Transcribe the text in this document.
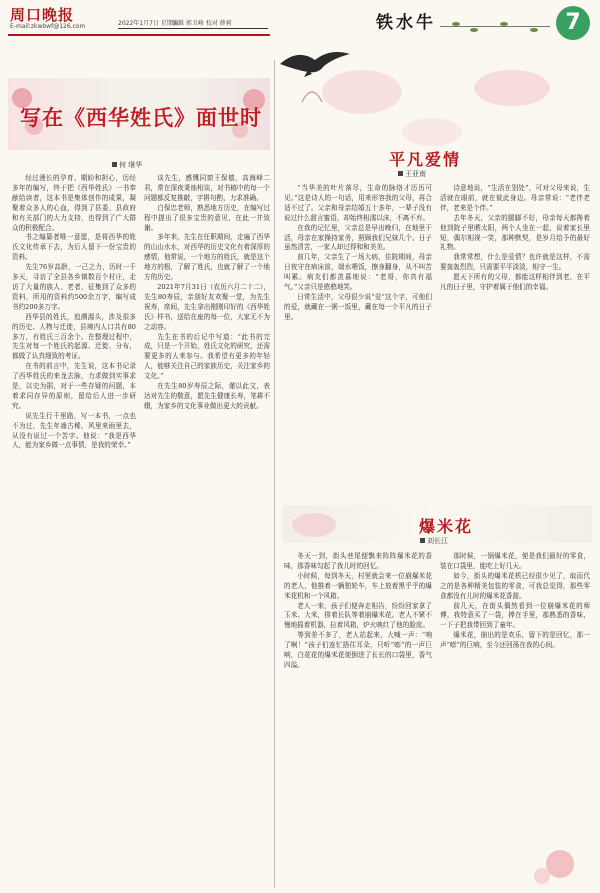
周口晚报
E-mail:zkwbwf@126.com	2022年1月7日 星期五
编辑 郭卫峰 校对 薛莉	铁水牛	7
写在《西华姓氏》面世时
何 继华

经过漫长的孕育、期盼和担心，历经多年的编写，终于把《西华姓氏》一书奉献给读者，这本书是集体创作的成果，凝聚着众多人的心血，得到了县委、县政府和有关部门的大力支持，也得到了广大群众的积极配合。

书之编纂者唯一意愿，是将西华的姓氏文化传承下去，为后人留下一份宝贵的资料。

先生76岁高龄，一己之力，历时一千多天，寻访了全县各乡镇数百个村庄，走访了大量的族人、老者，征集到了众多的资料，所用的资料约500余万字，编写成书约200多万字。

西华县的姓氏，追溯源头，涉及很多的历史、人物与迁徙，县境内人口共有80多万，有姓氏三百余个。在整理过程中，先生对每一个姓氏的起源、迁徙、分布，都做了认真细致的考证。

在书的前言中，先生说，这本书记录了西华姓氏的来龙去脉，力求做到实事求是，以史为据，对于一些存疑的问题，本着求同存异的原则，留给后人进一步研究。

说先生行千里路，写一本书，一点也不为过，先生年逾古稀，风里来雨里去，从没有说过一个苦字。他说：“我是西华人，能为家乡做一点事情，是我的荣幸。”

谈先生，感慨同窗王保德，高海峰二君，常在深夜秉烛相谈，对书稿中的每一个问题都反复推敲，字斟句酌，力求准确。

白保忠老师，熟悉地方历史，在编写过程中提出了很多宝贵的意见，在此一并致谢。

多年来，先生在任职期间，走遍了西华的山山水水，对西华的历史文化有着深厚的感情，他常说，一个地方的姓氏，就是这个地方的根，了解了姓氏，也就了解了一个地方的历史。

2021年7月31日（农历六月二十二），先生80寿辰，亲朋好友欢聚一堂，为先生祝寿，席间，先生拿出刚刚印好的《西华姓氏》样书，送给在座的每一位，大家无不为之动容。

先生在书的后记中写道：“此书的完成，只是一个开始，姓氏文化的研究，还需要更多的人来参与。我希望有更多的年轻人，能够关注自己的家族历史，关注家乡的文化。”

在先生80岁寿辰之际，谨以此文，表达对先生的敬意，愿先生健康长寿，笔耕不辍，为家乡的文化事业做出更大的贡献。

平凡爱情
王亚南

“当华美的叶片落尽，生命的脉络才历历可见。”这是诗人的一句话，用来形容我的父母，再合适不过了。父亲和母亲结婚五十多年，一辈子没有说过什么甜言蜜语，却始终相濡以沫，不离不弃。

在我的记忆里，父亲总是早出晚归，在地里干活，母亲在家操持家务，照顾我们兄妹几个。日子虽然清苦，一家人却过得和和美美。

前几年，父亲生了一场大病，住院期间，母亲日夜守在病床前，端水喂饭，擦身翻身，从不叫苦叫累。病友们都羡慕地说：“老哥，你真有福气。”父亲只是憨憨地笑。

日常生活中，父母很少说“爱”这个字，可他们的爱，就藏在一粥一饭里，藏在每一个平凡的日子里。

诗意地说，“生活在别处”，可对父母来说，生活就在眼前，就在彼此身边。母亲常说：“老伴老伴，老来是个伴。”

去年冬天，父亲的腿脚不好，母亲每天都搀着他到院子里晒太阳，两个人坐在一起，说着家长里短，偶尔相视一笑，那种默契，是岁月给予的最好礼物。

我常常想，什么是爱情？也许就是这样，不需要轰轰烈烈，只需要平平淡淡，相守一生。

愿天下所有的父母，都能这样相伴到老，在平凡的日子里，守护着属于他们的幸福。

爆米花
刘长江

冬天一到，街头巷尾便飘来阵阵爆米花的香味，那香味勾起了我儿时的回忆。

小时候，每到冬天，村里就会来一位崩爆米花的老人，他推着一辆独轮车，车上放着黑乎乎的爆米花机和一个风箱。

老人一来，孩子们便奔走相告，纷纷回家拿了玉米、大米，排着长队等着崩爆米花。老人不紧不慢地摇着机器，拉着风箱，炉火映红了他的脸庞。

等到差不多了，老人站起来，大喊一声：“响了啊！”孩子们连忙捂住耳朵，只听“嘭”的一声巨响，白花花的爆米花便倒进了长长的口袋里，香气四溢。

那时候，一锅爆米花，便是我们最好的零食，装在口袋里，能吃上好几天。

如今，街头的爆米花机已经很少见了，取而代之的是各种精美包装的零食，可我总觉得，那些零食都没有儿时的爆米花香甜。

前几天，在街头偶然看到一位崩爆米花的师傅，我特意买了一袋，捧在手里，那熟悉的香味，一下子把我带回到了童年。

爆米花，崩出的是欢乐，留下的是回忆，那一声“嘭”的巨响，至今还回荡在我的心间。
